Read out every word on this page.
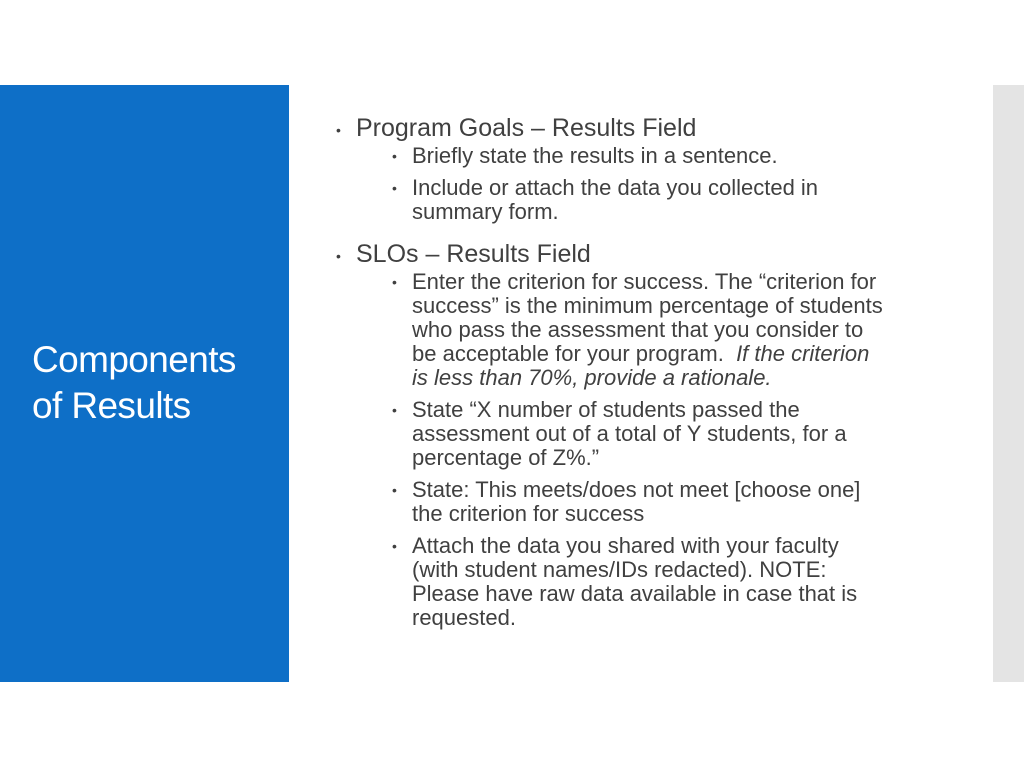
Components
of Results
• Program Goals – Results Field
• Briefly state the results in a sentence.
• Include or attach the data you collected in
summary form.
• SLOs – Results Field
• Enter the criterion for success. The “criterion for
success” is the minimum percentage of students
who pass the assessment that you consider to
be acceptable for your program.  If the criterion
is less than 70%, provide a rationale.
• State “X number of students passed the
assessment out of a total of Y students, for a
percentage of Z%.”
• State: This meets/does not meet [choose one]
the criterion for success
• Attach the data you shared with your faculty
(with student names/IDs redacted). NOTE:
Please have raw data available in case that is
requested.
